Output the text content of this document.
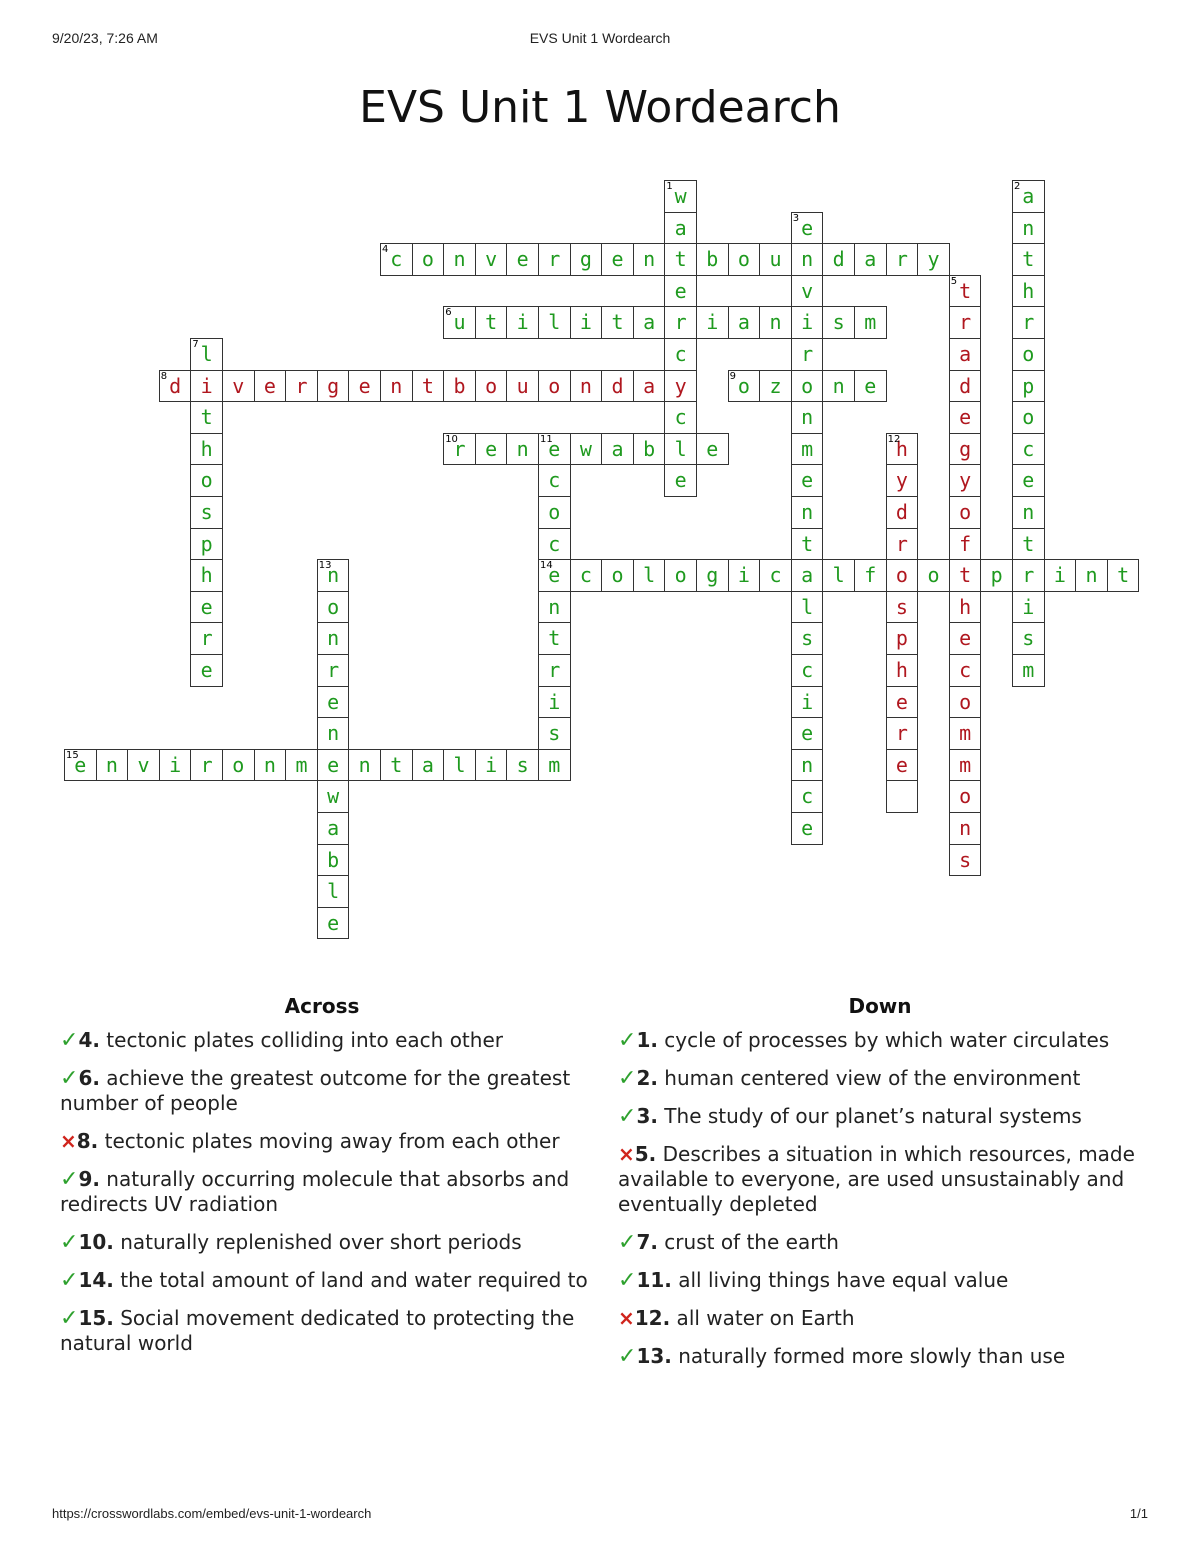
9/20/23, 7:26 AM	EVS Unit 1 Wordearch
EVS Unit 1 Wordearch
1 w
a
t
e
r
c
y
c
l
e
2 a
n
t
h
r
o
p
o
c
e
n
t
r
i
s
m
3 e
n
v
i
r
o
n
m
e
n
t
a
l
s
c
i
e
n
c
e
4 c o n v e r g e n	b o u	d a r y
5 t
r
a
d
e
g
y
o
f
t
h
e
c
o
m
m
o
n
s
6 u t i l i t a	i a n	s m
7 l
i
t
h
o
s
p
h
e
r
e
8 d	v e r g e n t b o u o n d a	9 o z	n e
10
r e n	11
e w a b	e
c
o
c
14
e
n
t
r
i
s
m
12
h
y
d
r
o
s
p
h
e
r
e
13
n
o
n
r
e
n
e
w
a
b
l
e
c o l o g i c	l f	o	p	i n t
15
e n v i r o n m	n t a l i s
Across	Down

✓4. tectonic plates colliding into each other

✓6. achieve the greatest outcome for the greatest number of people

×8. tectonic plates moving away from each other

✓9. naturally occurring molecule that absorbs and redirects UV radiation

✓10. naturally replenished over short periods

✓14. the total amount of land and water required to

✓15. Social movement dedicated to protecting the natural world

✓1. cycle of processes by which water circulates

✓2. human centered view of the environment

✓3. The study of our planet’s natural systems

×5. Describes a situation in which resources, made available to everyone, are used unsustainably and eventually depleted

✓7. crust of the earth

✓11. all living things have equal value

×12. all water on Earth

✓13. naturally formed more slowly than use

https://crosswordlabs.com/embed/evs-unit-1-wordearch	1/1
